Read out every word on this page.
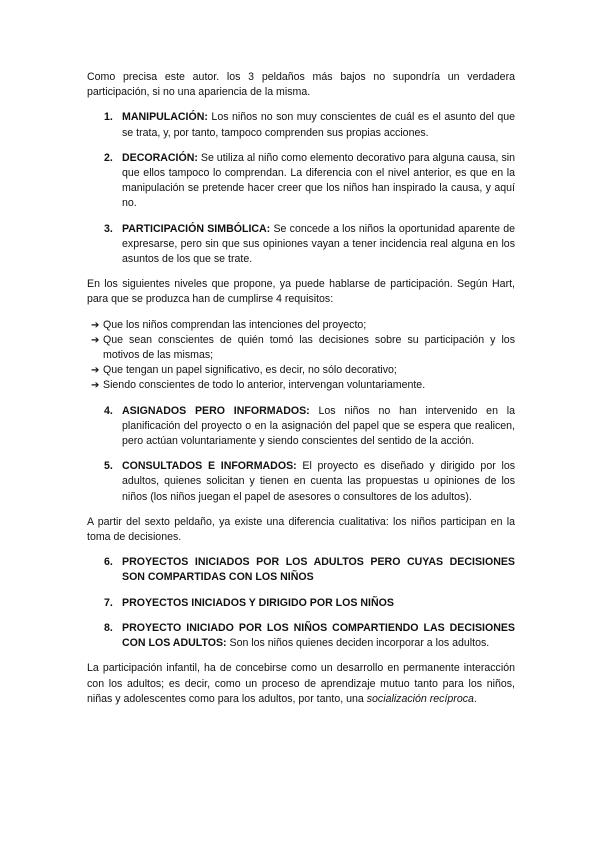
Como precisa este autor. los 3 peldaños más bajos no supondría un verdadera participación, si no una apariencia de la misma.

1. MANIPULACIÓN: Los niños no son muy conscientes de cuál es el asunto del que se trata, y, por tanto, tampoco comprenden sus propias acciones.
2. DECORACIÓN: Se utiliza al niño como elemento decorativo para alguna causa, sin que ellos tampoco lo comprendan. La diferencia con el nivel anterior, es que en la manipulación se pretende hacer creer que los niños han inspirado la causa, y aquí no.
3. PARTICIPACIÓN SIMBÓLICA: Se concede a los niños la oportunidad aparente de expresarse, pero sin que sus opiniones vayan a tener incidencia real alguna en los asuntos de los que se trate.

En los siguientes niveles que propone, ya puede hablarse de participación. Según Hart, para que se produzca han de cumplirse 4 requisitos:

➔ Que los niños comprendan las intenciones del proyecto;
➔ Que sean conscientes de quién tomó las decisiones sobre su participación y los motivos de las mismas;
➔ Que tengan un papel significativo, es decir, no sólo decorativo;
➔ Siendo conscientes de todo lo anterior, intervengan voluntariamente.
4. ASIGNADOS PERO INFORMADOS: Los niños no han intervenido en la planificación del proyecto o en la asignación del papel que se espera que realicen, pero actúan voluntariamente y siendo conscientes del sentido de la acción.
5. CONSULTADOS E INFORMADOS: El proyecto es diseñado y dirigido por los adultos, quienes solicitan y tienen en cuenta las propuestas u opiniones de los niños (los niños juegan el papel de asesores o consultores de los adultos).

A partir del sexto peldaño, ya existe una diferencia cualitativa: los niños participan en la toma de decisiones.

6. PROYECTOS INICIADOS POR LOS ADULTOS PERO CUYAS DECISIONES SON COMPARTIDAS CON LOS NIÑOS
7. PROYECTOS INICIADOS Y DIRIGIDO POR LOS NIÑOS
8. PROYECTO INICIADO POR LOS NIÑOS COMPARTIENDO LAS DECISIONES CON LOS ADULTOS: Son los niños quienes deciden incorporar a los adultos.

La participación infantil, ha de concebirse como un desarrollo en permanente interacción con los adultos; es decir, como un proceso de aprendizaje mutuo tanto para los niños, niñas y adolescentes como para los adultos, por tanto, una socialización recíproca.
